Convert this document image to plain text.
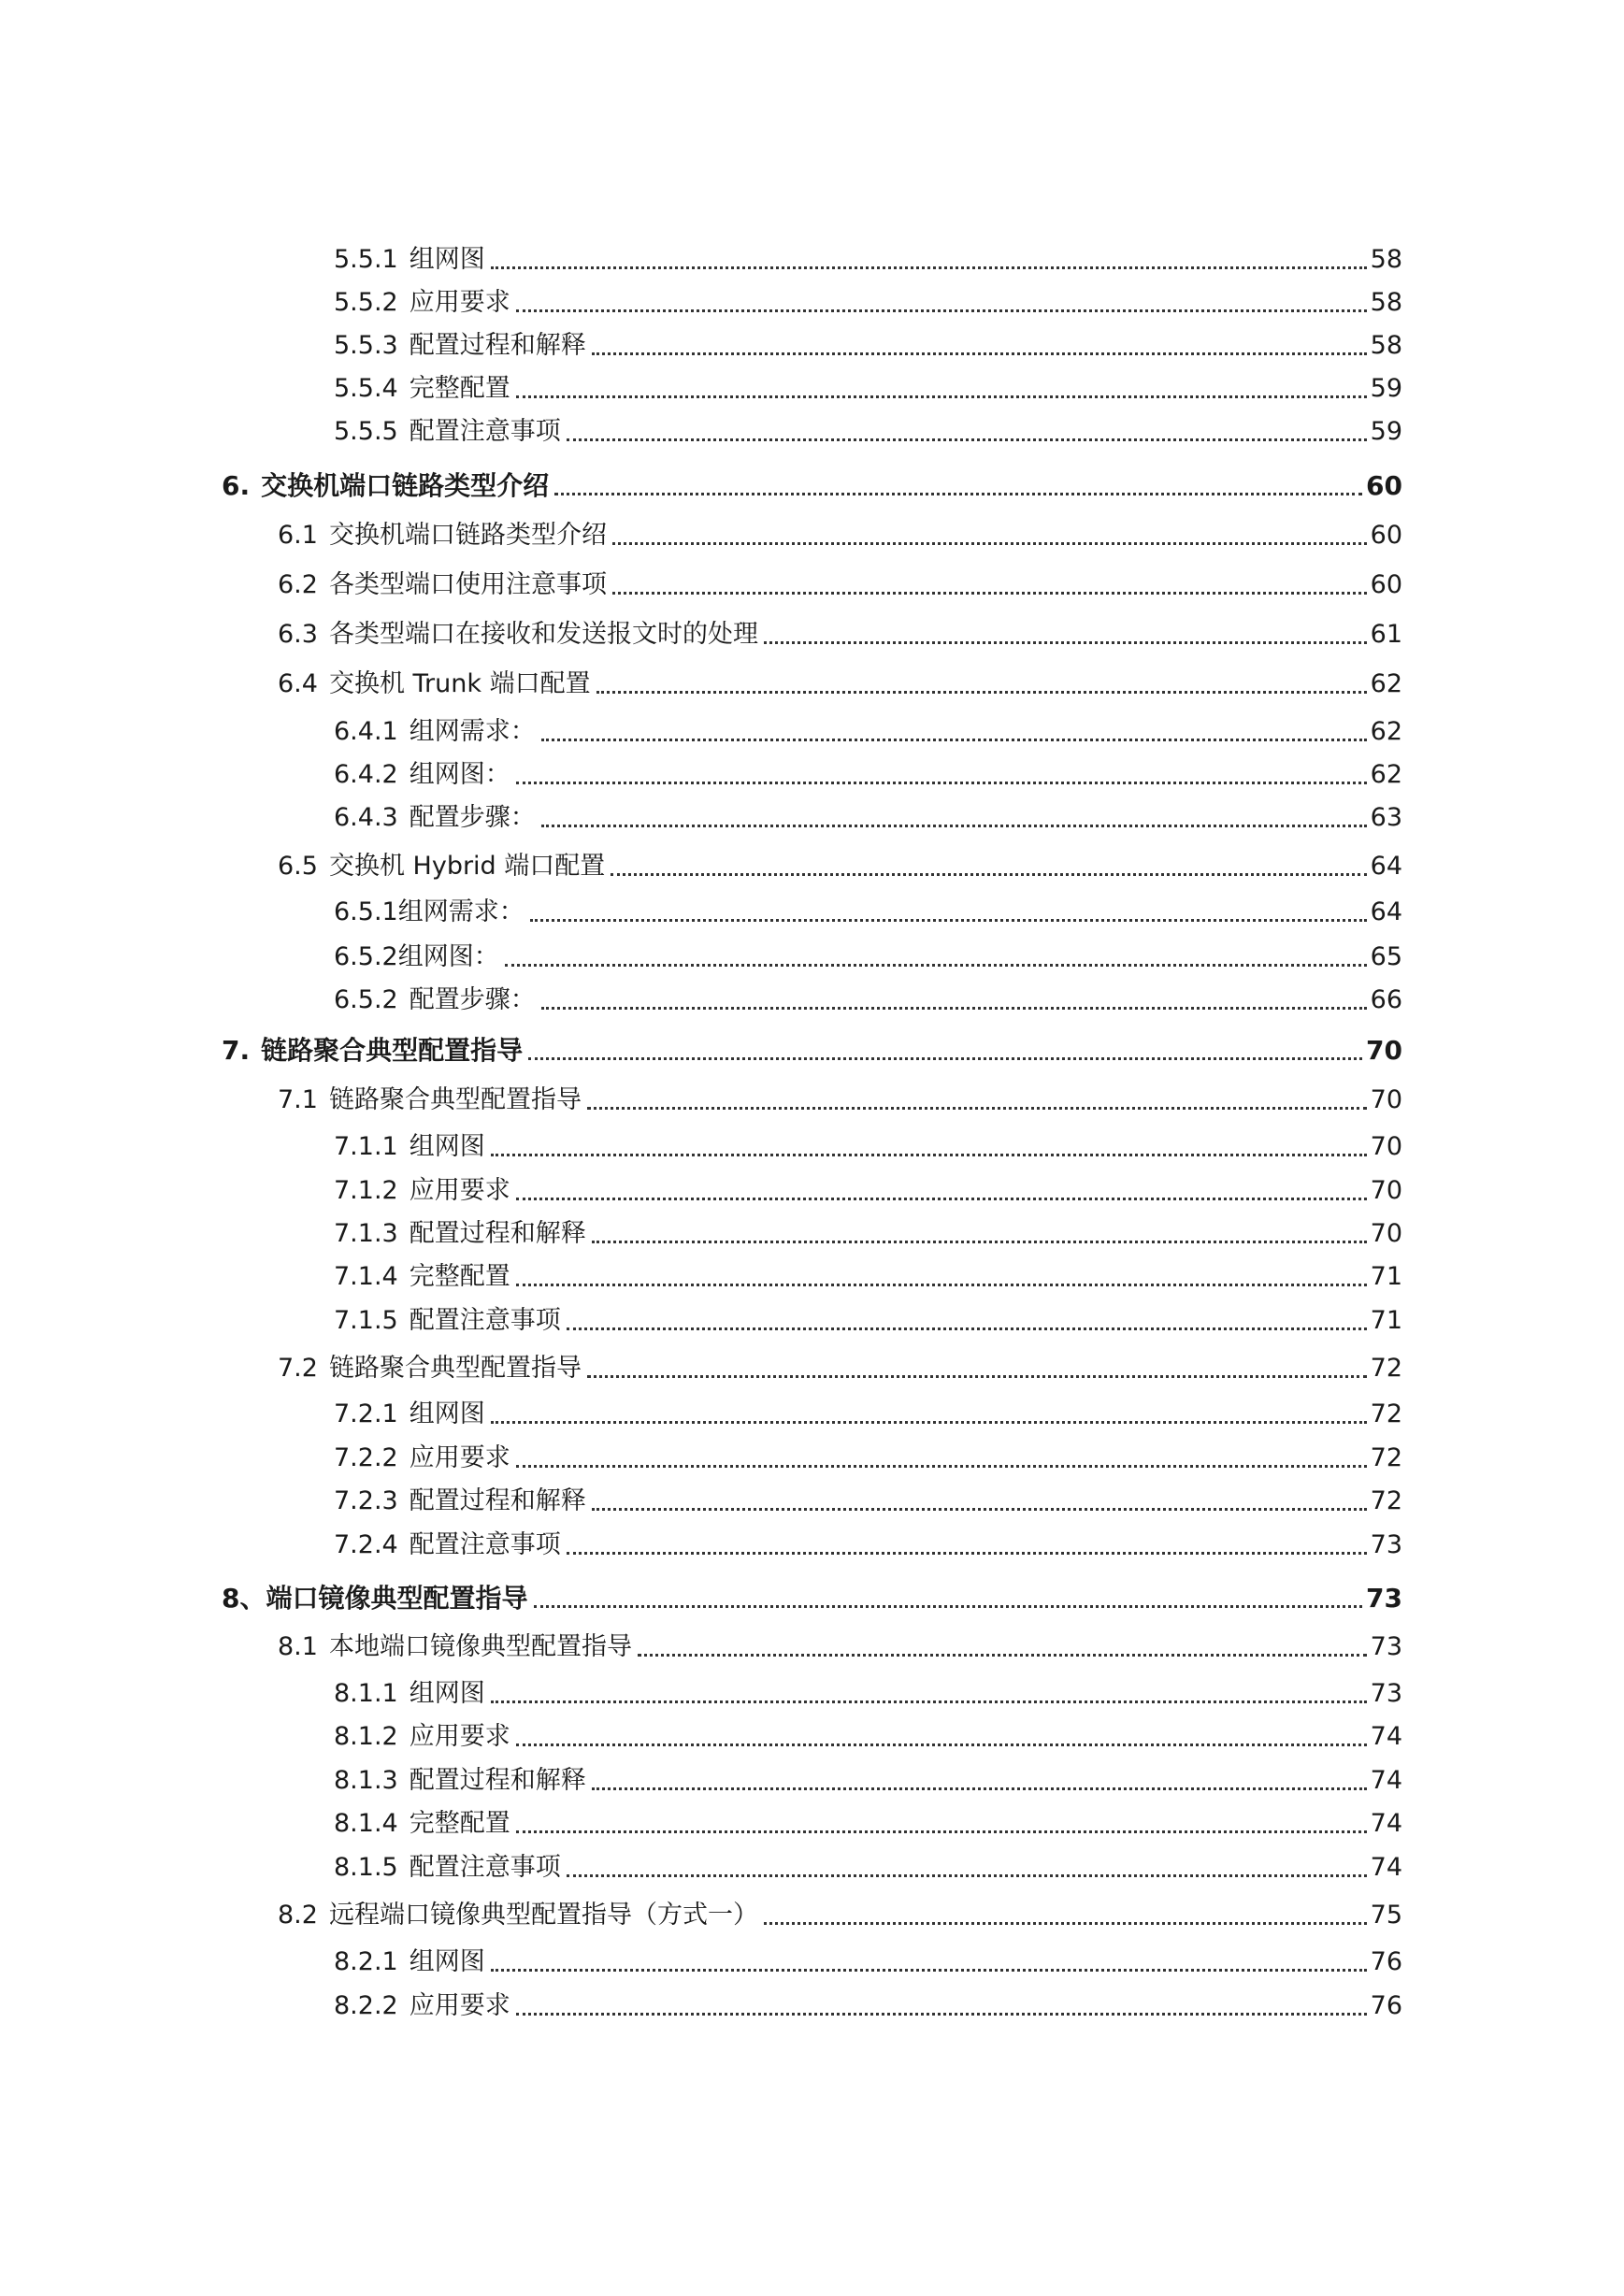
5.5.1 组网图	58
5.5.2 应用要求	58
5.5.3 配置过程和解释	58
5.5.4 完整配置	59
5.5.5 配置注意事项	59
6. 交换机端口链路类型介绍	60
6.1 交换机端口链路类型介绍	60
6.2 各类型端口使用注意事项	60
6.3 各类型端口在接收和发送报文时的处理	61
6.4 交换机 Trunk 端口配置	62
6.4.1 组网需求：	62
6.4.2 组网图：	62
6.4.3 配置步骤：	63
6.5 交换机 Hybrid 端口配置	64
6.5.1 组网需求：	64
6.5.2 组网图：	65
6.5.2 配置步骤：	66
7. 链路聚合典型配置指导	70
7.1 链路聚合典型配置指导	70
7.1.1 组网图	70
7.1.2 应用要求	70
7.1.3 配置过程和解释	70
7.1.4 完整配置	71
7.1.5 配置注意事项	71
7.2 链路聚合典型配置指导	72
7.2.1 组网图	72
7.2.2 应用要求	72
7.2.3 配置过程和解释	72
7.2.4 配置注意事项	73
8、 端口镜像典型配置指导	73
8.1 本地端口镜像典型配置指导	73
8.1.1 组网图	73
8.1.2 应用要求	74
8.1.3 配置过程和解释	74
8.1.4 完整配置	74
8.1.5 配置注意事项	74
8.2 远程端口镜像典型配置指导（方式一）	75
8.2.1 组网图	76
8.2.2 应用要求	76
